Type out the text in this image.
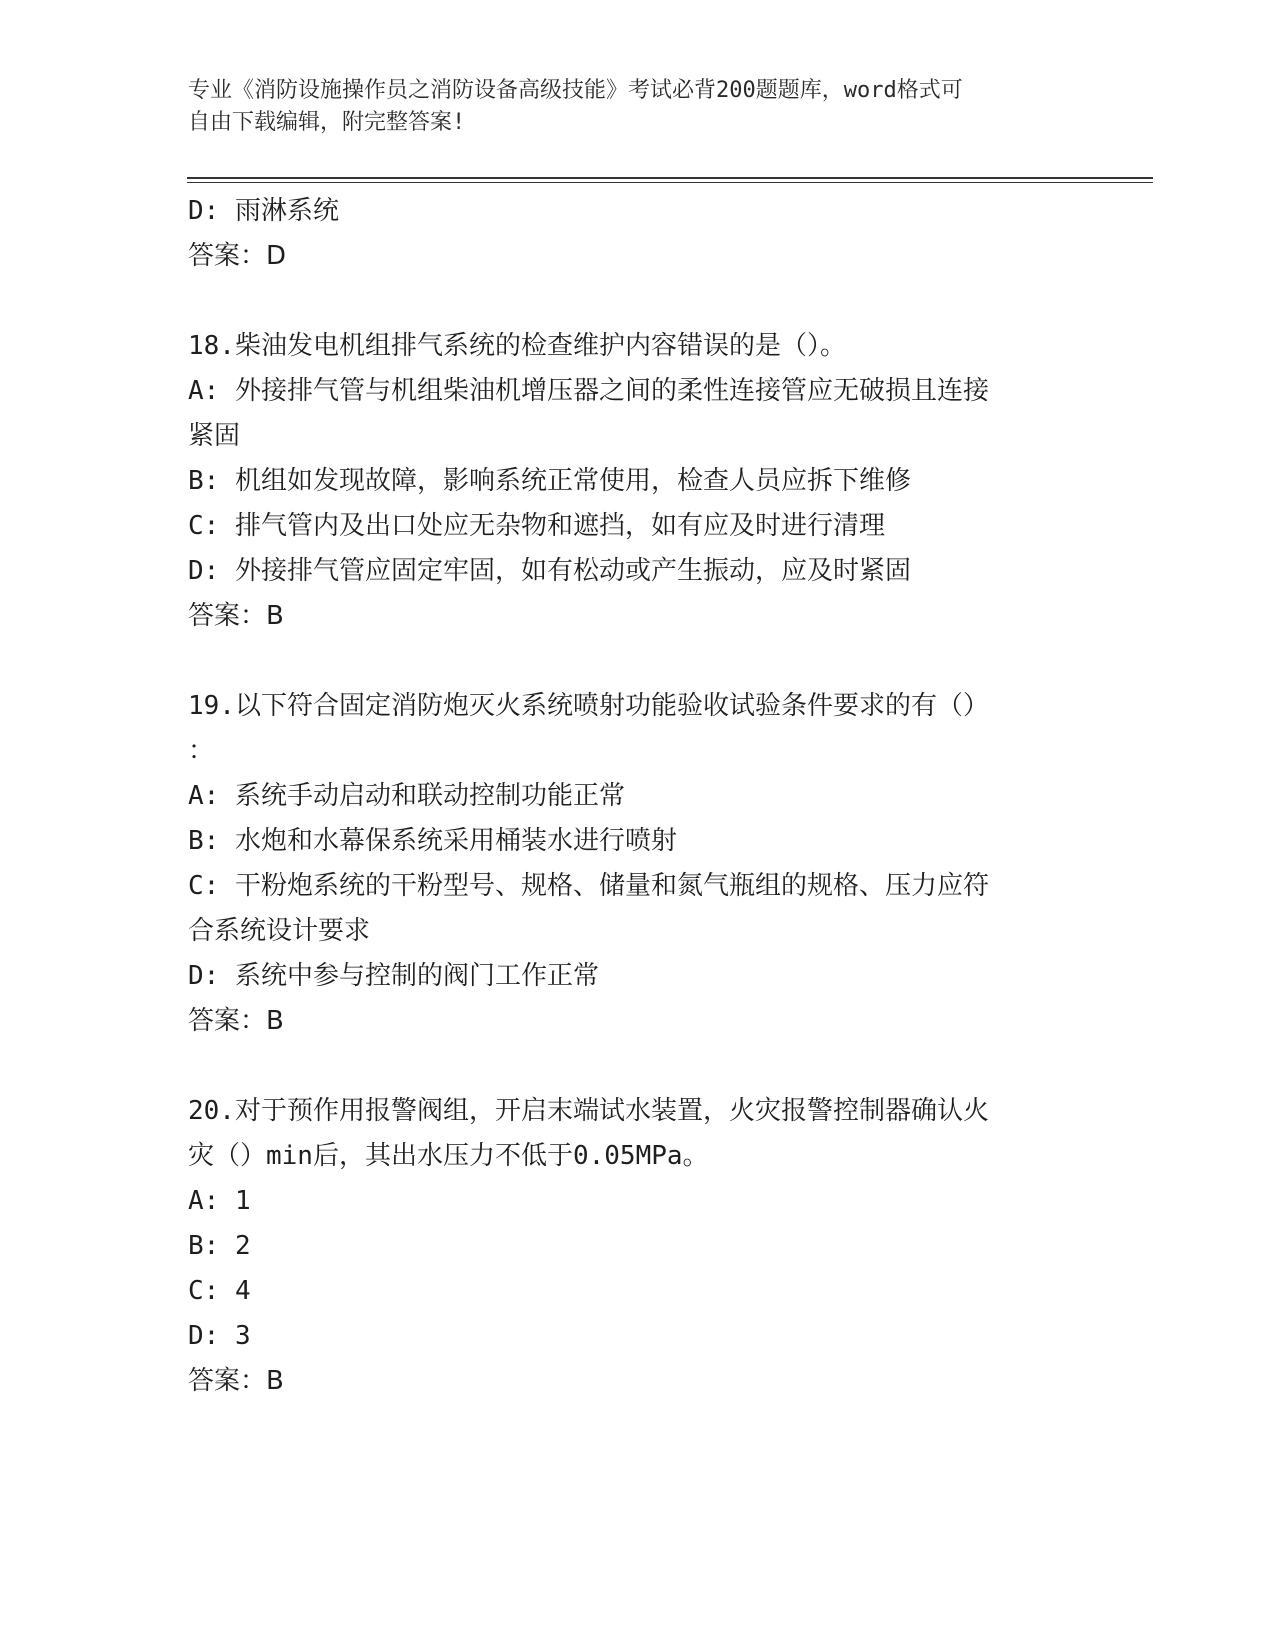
专业《消防设施操作员之消防设备高级技能》考试必背200题题库，word格式可
自由下载编辑，附完整答案!
D: 雨淋系统
答案：D
18.柴油发电机组排气系统的检查维护内容错误的是（）。
A: 外接排气管与机组柴油机增压器之间的柔性连接管应无破损且连接
紧固
B: 机组如发现故障，影响系统正常使用，检查人员应拆下维修
C: 排气管内及出口处应无杂物和遮挡，如有应及时进行清理
D: 外接排气管应固定牢固，如有松动或产生振动，应及时紧固
答案：B
19.以下符合固定消防炮灭火系统喷射功能验收试验条件要求的有（）
：
A: 系统手动启动和联动控制功能正常
B: 水炮和水幕保系统采用桶装水进行喷射
C: 干粉炮系统的干粉型号、规格、储量和氮气瓶组的规格、压力应符
合系统设计要求
D: 系统中参与控制的阀门工作正常
答案：B
20.对于预作用报警阀组，开启末端试水装置，火灾报警控制器确认火
灾（）min后，其出水压力不低于0.05MPa。
A: 1
B: 2
C: 4
D: 3
答案：B
